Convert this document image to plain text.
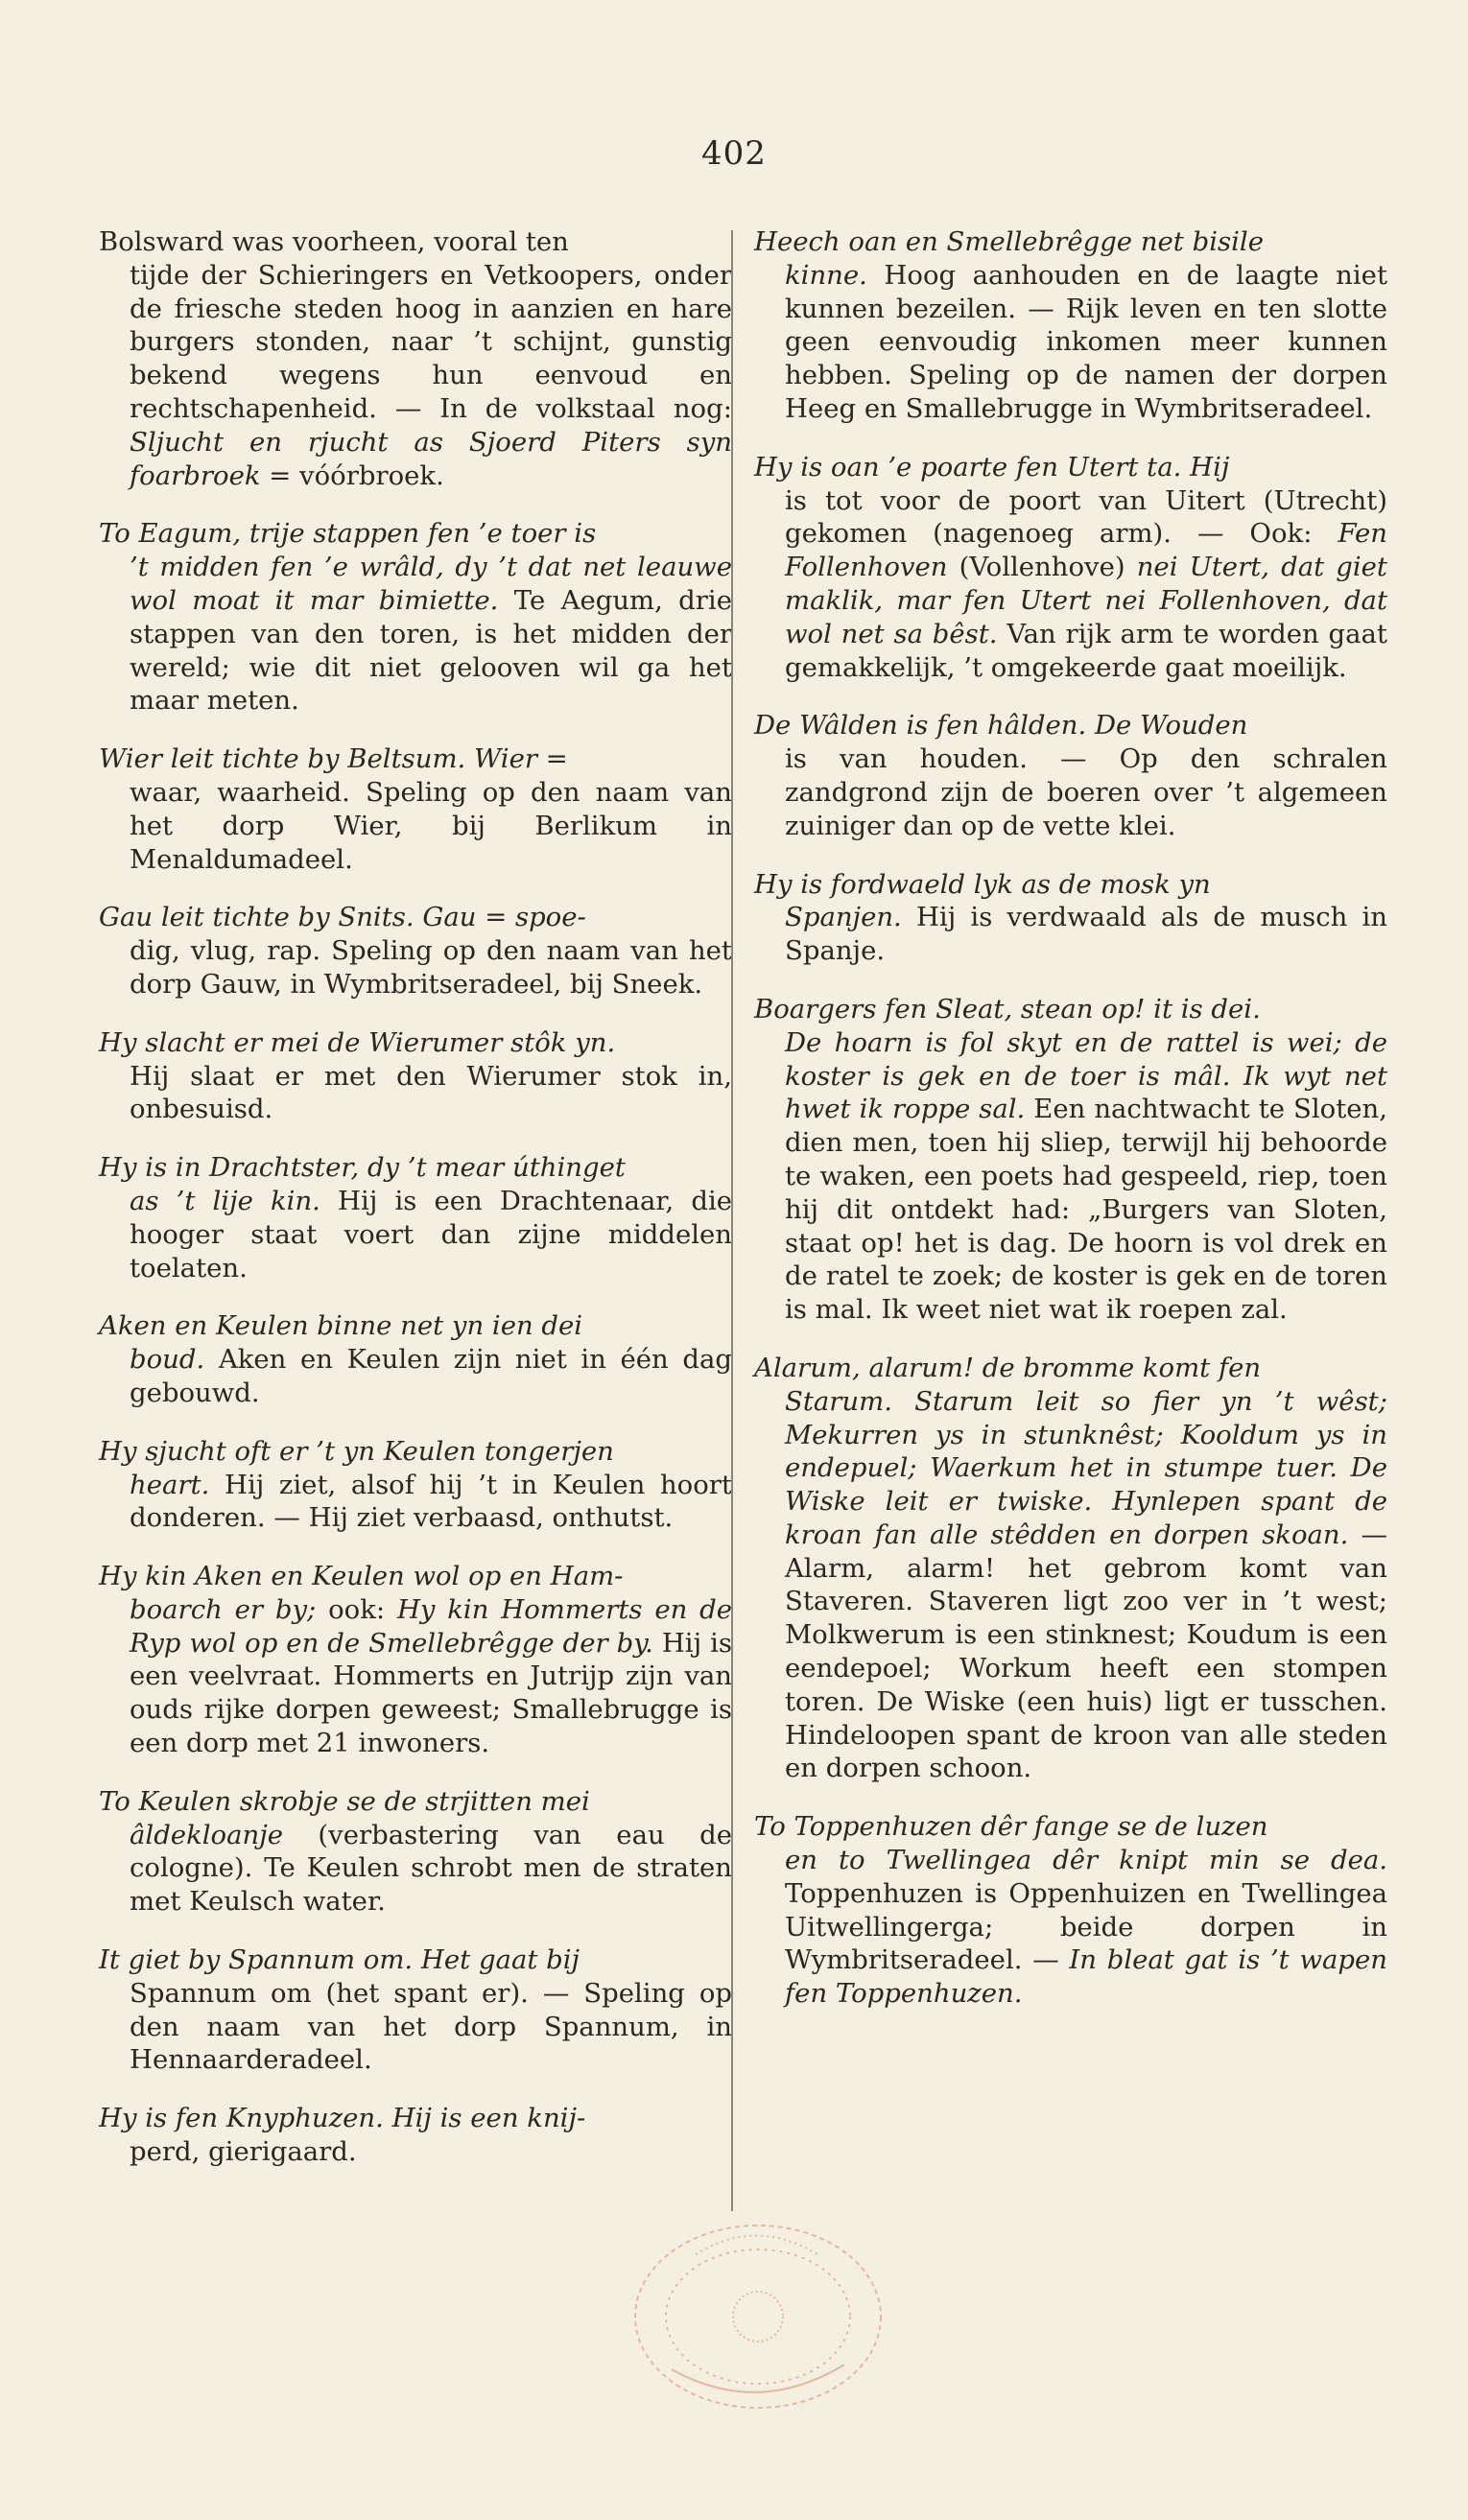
402
Bolsward was voorheen, vooral ten
tijde der Schieringers en Vetkoopers, onder de friesche steden hoog in aanzien en hare burgers stonden, naar ’t schijnt, gunstig bekend wegens hun eenvoud en rechtschapenheid. — In de volkstaal nog: Sljucht en rjucht as Sjoerd Piters syn foarbroek = vóórbroek.
To Eagum, trije stappen fen ’e toer is
’t midden fen ’e wrâld, dy ’t dat net leauwe wol moat it mar bimiette. Te Aegum, drie stappen van den toren, is het midden der wereld; wie dit niet gelooven wil ga het maar meten.
Wier leit tichte by Beltsum. Wier =
waar, waarheid. Speling op den naam van het dorp Wier, bij Berlikum in Menaldumadeel.
Gau leit tichte by Snits. Gau = spoe-
dig, vlug, rap. Speling op den naam van het dorp Gauw, in Wymbritseradeel, bij Sneek.
Hy slacht er mei de Wierumer stôk yn.
Hij slaat er met den Wierumer stok in, onbesuisd.
Hy is in Drachtster, dy ’t mear úthinget
as ’t lije kin. Hij is een Drachtenaar, die hooger staat voert dan zijne middelen toelaten.
Aken en Keulen binne net yn ien dei
boud. Aken en Keulen zijn niet in één dag gebouwd.
Hy sjucht oft er ’t yn Keulen tongerjen
heart. Hij ziet, alsof hij ’t in Keulen hoort donderen. — Hij ziet verbaasd, onthutst.
Hy kin Aken en Keulen wol op en Ham-
boarch er by; ook: Hy kin Hommerts en de Ryp wol op en de Smellebrêgge der by. Hij is een veelvraat. Hommerts en Jutrijp zijn van ouds rijke dorpen geweest; Smallebrugge is een dorp met 21 inwoners.
To Keulen skrobje se de strjitten mei
âldekloanje (verbastering van eau de cologne). Te Keulen schrobt men de straten met Keulsch water.
It giet by Spannum om. Het gaat bij
Spannum om (het spant er). — Speling op den naam van het dorp Spannum, in Hennaarderadeel.
Hy is fen Knyphuzen. Hij is een knij-
perd, gierigaard.
Heech oan en Smellebrêgge net bisile
kinne. Hoog aanhouden en de laagte niet kunnen bezeilen. — Rijk leven en ten slotte geen eenvoudig inkomen meer kunnen hebben. Speling op de namen der dorpen Heeg en Smallebrugge in Wymbritseradeel.
Hy is oan ’e poarte fen Utert ta. Hij
is tot voor de poort van Uitert (Utrecht) gekomen (nagenoeg arm). — Ook: Fen Follenhoven (Vollenhove) nei Utert, dat giet maklik, mar fen Utert nei Follenhoven, dat wol net sa bêst. Van rijk arm te worden gaat gemakkelijk, ’t omgekeerde gaat moeilijk.
De Wâlden is fen hâlden. De Wouden
is van houden. — Op den schralen zandgrond zijn de boeren over ’t algemeen zuiniger dan op de vette klei.
Hy is fordwaeld lyk as de mosk yn
Spanjen. Hij is verdwaald als de musch in Spanje.
Boargers fen Sleat, stean op! it is dei.
De hoarn is fol skyt en de rattel is wei; de koster is gek en de toer is mâl. Ik wyt net hwet ik roppe sal. Een nachtwacht te Sloten, dien men, toen hij sliep, terwijl hij behoorde te waken, een poets had gespeeld, riep, toen hij dit ontdekt had: „Burgers van Sloten, staat op! het is dag. De hoorn is vol drek en de ratel te zoek; de koster is gek en de toren is mal. Ik weet niet wat ik roepen zal.
Alarum, alarum! de bromme komt fen
Starum. Starum leit so fier yn ’t wêst; Mekurren ys in stunknêst; Kooldum ys in endepuel; Waerkum het in stumpe tuer. De Wiske leit er twiske. Hynlepen spant de kroan fan alle stêdden en dorpen skoan. — Alarm, alarm! het gebrom komt van Staveren. Staveren ligt zoo ver in ’t west; Molkwerum is een stinknest; Koudum is een eendepoel; Workum heeft een stompen toren. De Wiske (een huis) ligt er tusschen. Hindeloopen spant de kroon van alle steden en dorpen schoon.
To Toppenhuzen dêr fange se de luzen
en to Twellingea dêr knipt min se dea. Toppenhuzen is Oppenhuizen en Twellingea Uitwellingerga; beide dorpen in Wymbritseradeel. — In bleat gat is ’t wapen fen Toppenhuzen.
